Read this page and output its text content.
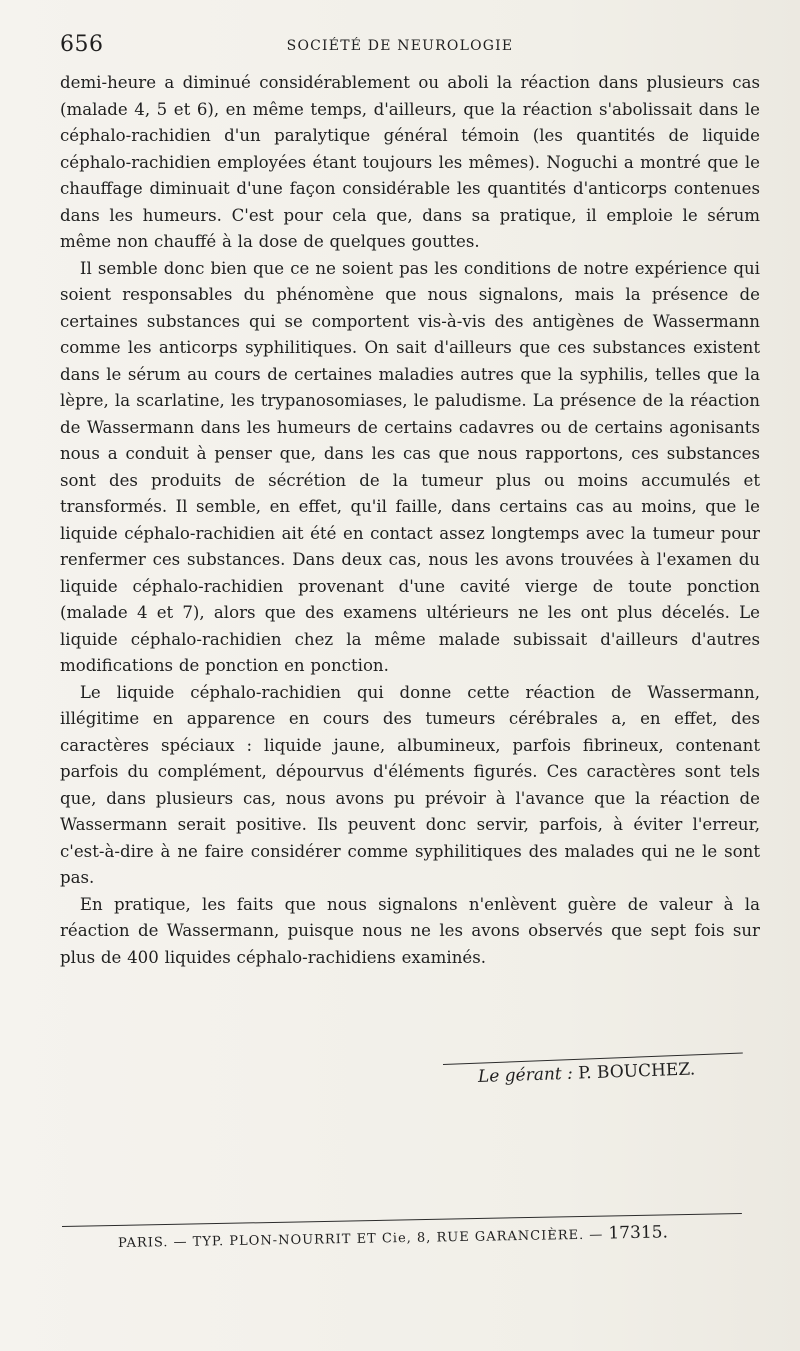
656	SOCIÉTÉ DE NEUROLOGIE

demi-heure a diminué considérablement ou aboli la réaction dans plusieurs cas (malade 4, 5 et 6), en même temps, d'ailleurs, que la réaction s'abolissait dans le céphalo-rachidien d'un paralytique général témoin (les quantités de liquide céphalo-rachidien employées étant toujours les mêmes). Noguchi a montré que le chauffage diminuait d'une façon considérable les quantités d'anticorps contenues dans les humeurs. C'est pour cela que, dans sa pratique, il emploie le sérum même non chauffé à la dose de quelques gouttes.

Il semble donc bien que ce ne soient pas les conditions de notre expérience qui soient responsables du phénomène que nous signalons, mais la présence de certaines substances qui se comportent vis-à-vis des antigènes de Wassermann comme les anticorps syphilitiques. On sait d'ailleurs que ces substances existent dans le sérum au cours de certaines maladies autres que la syphilis, telles que la lèpre, la scarlatine, les trypanosomiases, le paludisme. La présence de la réaction de Wassermann dans les humeurs de certains cadavres ou de certains agonisants nous a conduit à penser que, dans les cas que nous rapportons, ces substances sont des produits de sécrétion de la tumeur plus ou moins accumulés et transformés. Il semble, en effet, qu'il faille, dans certains cas au moins, que le liquide céphalo-rachidien ait été en contact assez longtemps avec la tumeur pour renfermer ces substances. Dans deux cas, nous les avons trouvées à l'examen du liquide céphalo-rachidien provenant d'une cavité vierge de toute ponction (malade 4 et 7), alors que des examens ultérieurs ne les ont plus décelés. Le liquide céphalo-rachidien chez la même malade subissait d'ailleurs d'autres modifications de ponction en ponction.

Le liquide céphalo-rachidien qui donne cette réaction de Wassermann, illégitime en apparence en cours des tumeurs cérébrales a, en effet, des caractères spéciaux : liquide jaune, albumineux, parfois fibrineux, contenant parfois du complément, dépourvus d'éléments figurés. Ces caractères sont tels que, dans plusieurs cas, nous avons pu prévoir à l'avance que la réaction de Wassermann serait positive. Ils peuvent donc servir, parfois, à éviter l'erreur, c'est-à-dire à ne faire considérer comme syphilitiques des malades qui ne le sont pas.

En pratique, les faits que nous signalons n'enlèvent guère de valeur à la réaction de Wassermann, puisque nous ne les avons observés que sept fois sur plus de 400 liquides céphalo-rachidiens examinés.

Le gérant : P. BOUCHEZ.
PARIS. — TYP. PLON-NOURRIT ET Cie, 8, RUE GARANCIÈRE. — 17315.
